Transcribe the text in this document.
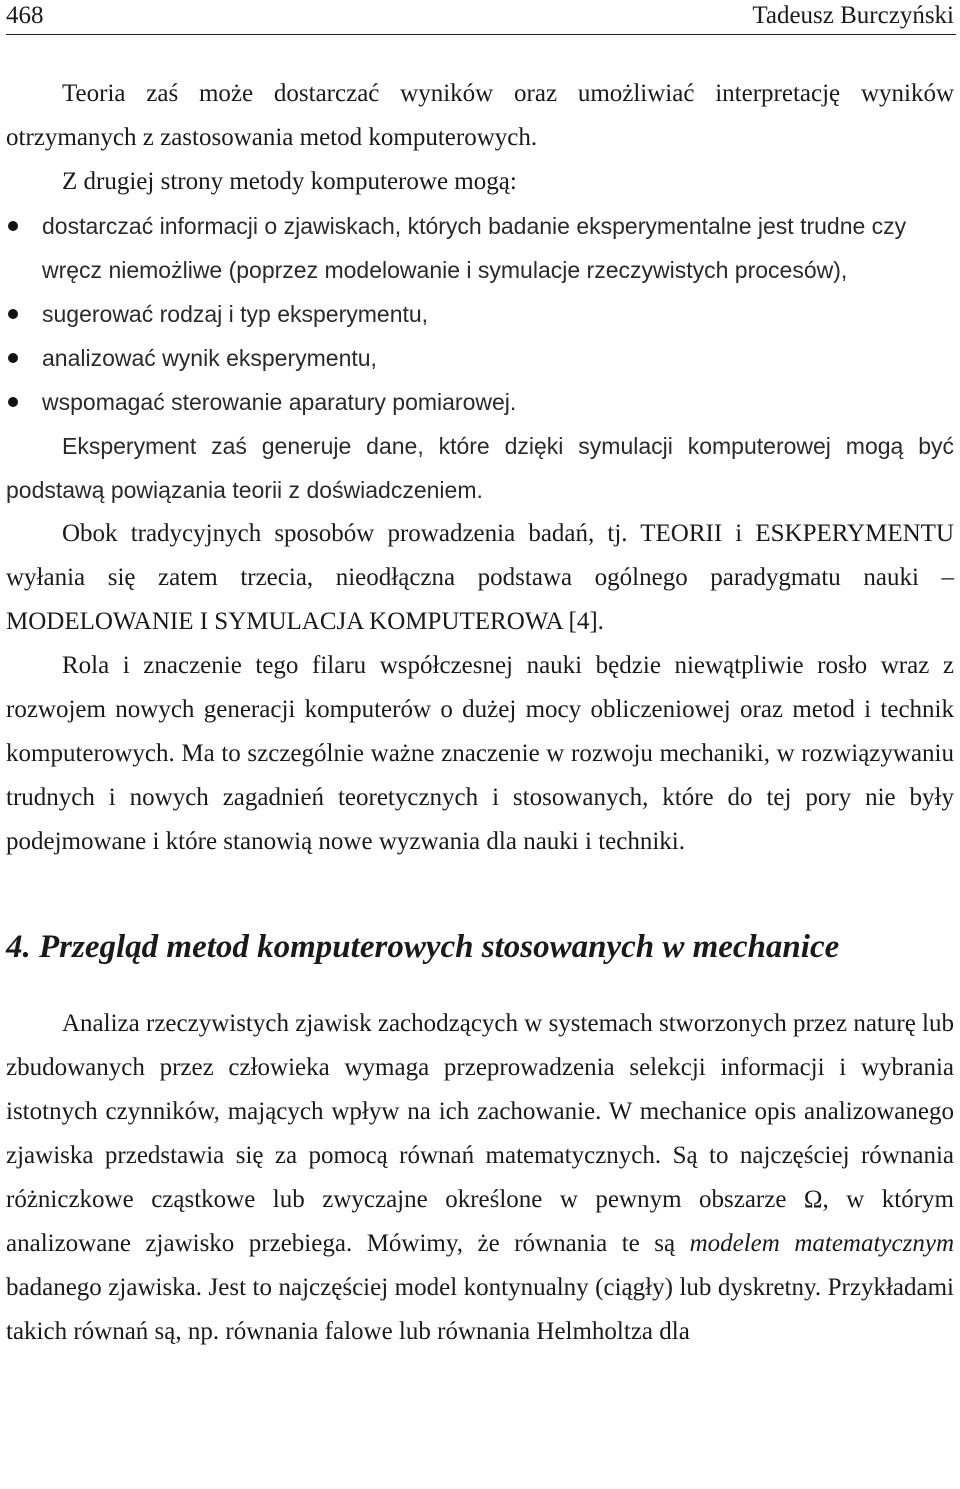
468	Tadeusz Burczyński

Teoria zaś może dostarczać wyników oraz umożliwiać interpretację wyników otrzymanych z zastosowania metod komputerowych.

Z drugiej strony metody komputerowe mogą:

dostarczać informacji o zjawiskach, których badanie eksperymentalne jest trudne czy wręcz niemożliwe (poprzez modelowanie i symulacje rzeczywistych procesów),
sugerować rodzaj i typ eksperymentu,
analizować wynik eksperymentu,
wspomagać sterowanie aparatury pomiarowej.

Eksperyment zaś generuje dane, które dzięki symulacji komputerowej mogą być podstawą powiązania teorii z doświadczeniem.

Obok tradycyjnych sposobów prowadzenia badań, tj. TEORII i ESKPERYMENTU wyłania się zatem trzecia, nieodłączna podstawa ogólnego paradygmatu nauki – MODELOWANIE I SYMULACJA KOMPUTEROWA [4].

Rola i znaczenie tego filaru współczesnej nauki będzie niewątpliwie rosło wraz z rozwojem nowych generacji komputerów o dużej mocy obliczeniowej oraz metod i technik komputerowych. Ma to szczególnie ważne znaczenie w rozwoju mechaniki, w rozwiązywaniu trudnych i nowych zagadnień teoretycznych i stosowanych, które do tej pory nie były podejmowane i które stanowią nowe wyzwania dla nauki i techniki.

4. Przegląd metod komputerowych stosowanych w mechanice

Analiza rzeczywistych zjawisk zachodzących w systemach stworzonych przez naturę lub zbudowanych przez człowieka wymaga przeprowadzenia selekcji informacji i wybrania istotnych czynników, mających wpływ na ich zachowanie. W mechanice opis analizowanego zjawiska przedstawia się za pomocą równań matematycznych. Są to najczęściej równania różniczkowe cząstkowe lub zwyczajne określone w pewnym obszarze Ω, w którym analizowane zjawisko przebiega. Mówimy, że równania te są modelem matematycznym badanego zjawiska. Jest to najczęściej model kontynualny (ciągły) lub dyskretny. Przykładami takich równań są, np. równania falowe lub równania Helmholtza dla
